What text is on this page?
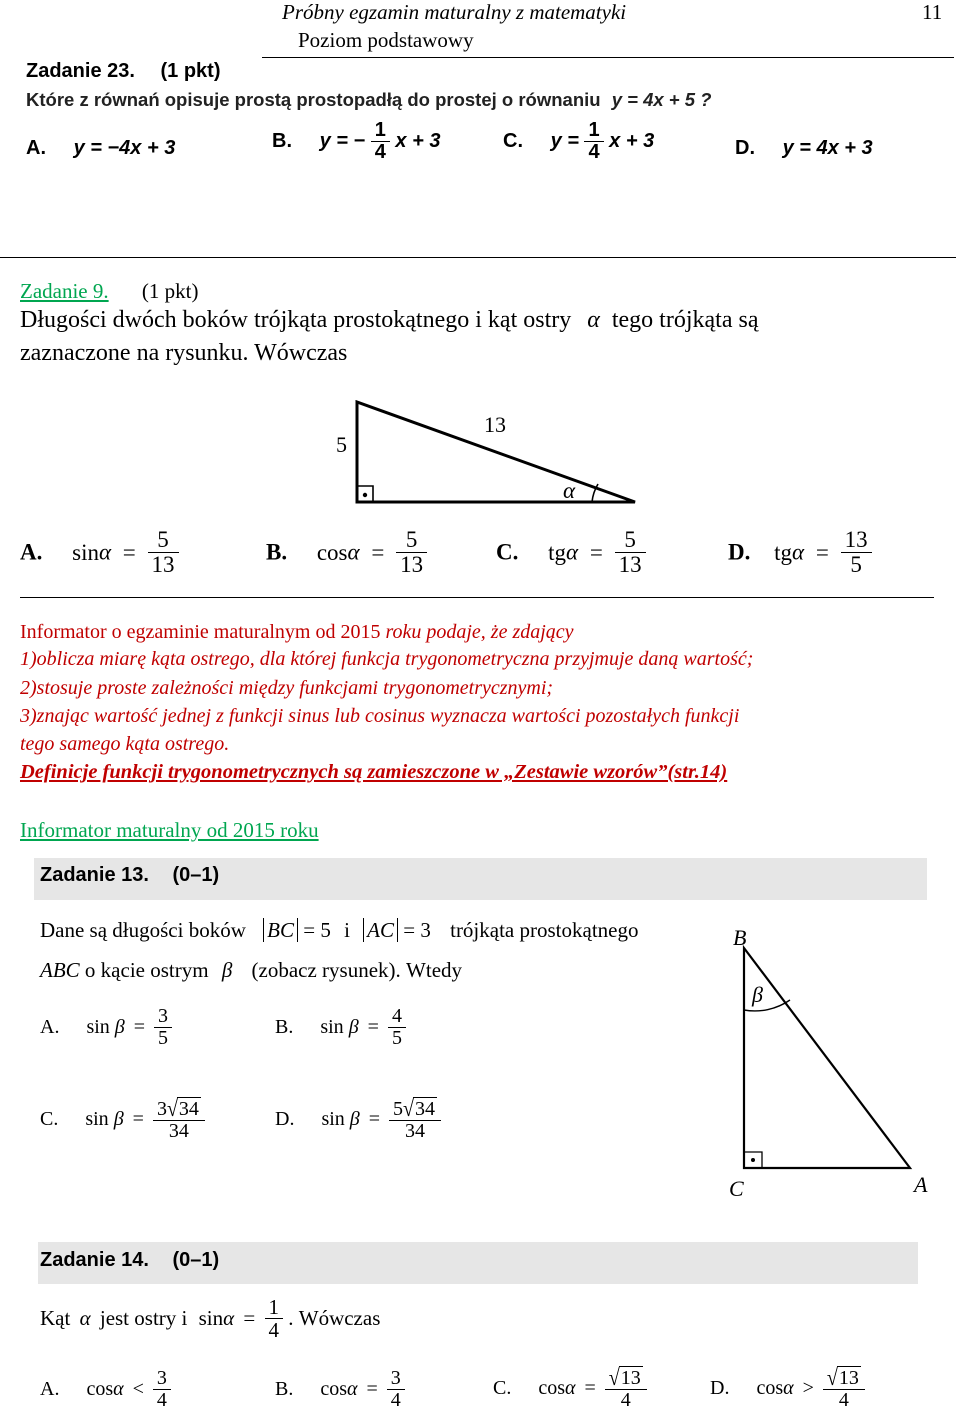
Próbny egzamin maturalny z matematyki
Poziom podstawowy
11
Zadanie 23. (1 pkt)
Które z równań opisuje prostą prostopadłą do prostej o równaniu y = 4x + 5 ?
A. y = −4x + 3	B. y = − $\frac{1}{4}$ x + 3	C. $y = \frac{1}{4}$ x + 3	D. y = 4x + 3
Zadanie 9. (1 pkt)
Długości dwóch boków trójkąta prostokątnego i kąt ostry α tego trójkąta są
zaznaczone na rysunku. Wówczas
5
13
α
A. $\sin\alpha = \frac{5}{13}$	B. $\cos\alpha = \frac{5}{13}$	C. $tg\alpha = \frac{5}{13}$	D. $tg\alpha = \frac{13}{5}$
Informator o egzaminie maturalnym od 2015 roku podaje, że zdający
1)oblicza miarę kąta ostrego, dla której funkcja trygonometryczna przyjmuje daną wartość;
2)stosuje proste zależności między funkcjami trygonometrycznymi;
3)znając wartość jednej z funkcji sinus lub cosinus wyznacza wartości pozostałych funkcji
tego samego kąta ostrego.
Definicje funkcji trygonometrycznych są zamieszczone w „Zestawie wzorów”(str.14)
Informator maturalny od 2015 roku
Zadanie 13. (0–1)
Dane są długości boków BC = 5 i AC = 3 trójkąta prostokątnego
ABC o kącie ostrym β (zobacz rysunek). Wtedy
A. $\sin \beta = \frac{3}{5}$	B. $\sin \beta = \frac{4}{5}$
C. $\sin \beta = \frac{3√34}{34}$	D. $\sin \beta = \frac{5√34}{34}$
B
β
C	A
Zadanie 14. (0–1)
Kąt α jest ostry i $\sin\alpha = \frac{1}{4}$ . Wówczas
A. $\cos\alpha < \frac{3}{4}$	B. $\cos\alpha = \frac{3}{4}$	C. $\cos\alpha = \frac{√13}{4}$	D. $\cos\alpha > \frac{√13}{4}$
